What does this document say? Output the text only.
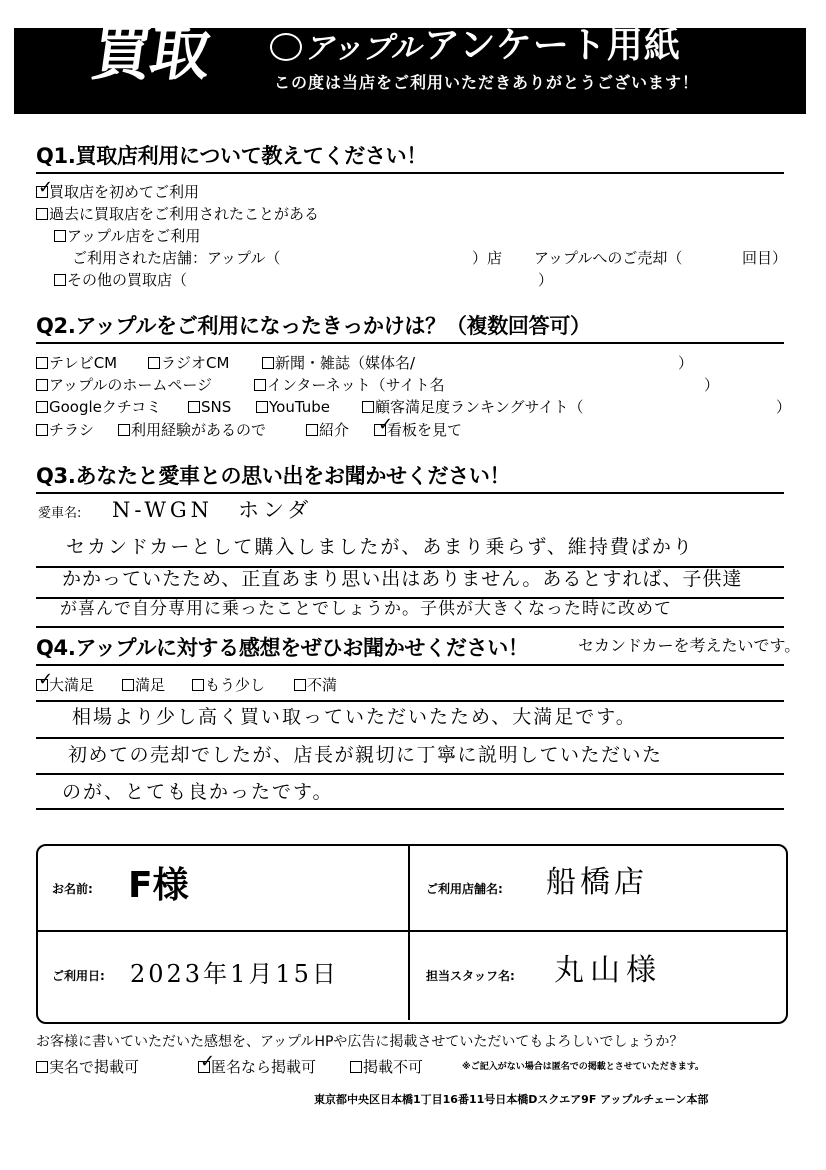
買取	アップル アンケート用紙
この度は当店をご利用いただきありがとうございます！
Q1.買取店利用について教えてください！
買取店を初めてご利用
✓
過去に買取店をご利用されたことがある
アップル店をご利用
ご利用された店舗：アップル（	）店 アップルへのご売却（	回目）
その他の買取店（	）
Q2.アップルをご利用になったきっかけは？（複数回答可）
テレビCM	ラジオCM	新聞・雑誌（媒体名/	）
アップルのホームページ	インターネット（サイト名	）
Googleクチコミ	SNS	YouTube	顧客満足度ランキングサイト（	）
チラシ	利用経験があるので	紹介	看板を見て
✓
Q3.あなたと愛車との思い出をお聞かせください！
愛車名: N-WGN　ホンダ
セカンドカーとして購入しましたが、あまり乗らず、維持費ばかり
かかっていたため、正直あまり思い出はありません。あるとすれば、子供達
が喜んで自分専用に乗ったことでしょうか。子供が大きくなった時に改めて
Q4.アップルに対する感想をぜひお聞かせください！	セカンドカーを考えたいです。
大満足
✓	満足	もう少し	不満
相場より少し高く買い取っていただいたため、大満足です。
初めての売却でしたが、店長が親切に丁寧に説明していただいた
のが、とても良かったです。
お名前: F様	ご利用店舗名: 船橋店
ご利用日: 2023年1月15日	担当スタッフ名: 丸山様
お客様に書いていただいた感想を、アップルHPや広告に掲載させていただいてもよろしいでしょうか？
実名で掲載可	匿名なら掲載可
✓	掲載不可	※ご記入がない場合は匿名での掲載とさせていただきます。
東京都中央区日本橋1丁目16番11号日本橋Dスクエア9F アップルチェーン本部
